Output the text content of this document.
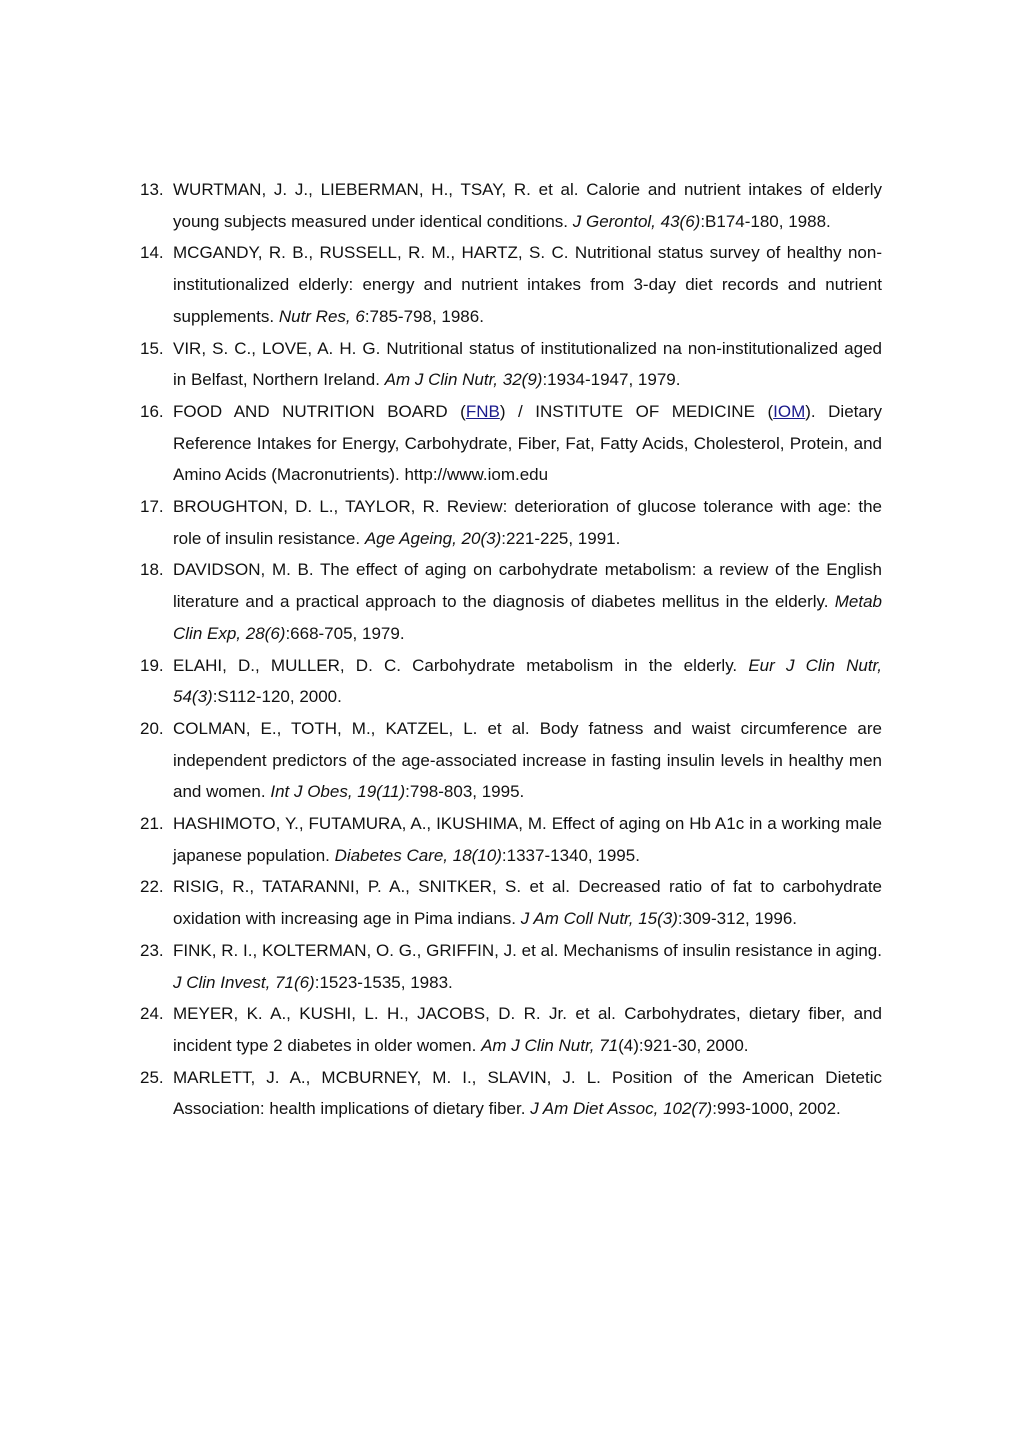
13. WURTMAN, J. J., LIEBERMAN, H., TSAY, R. et al. Calorie and nutrient intakes of elderly young subjects measured under identical conditions. J Gerontol, 43(6):B174-180, 1988.
14. MCGANDY, R. B., RUSSELL, R. M., HARTZ, S. C. Nutritional status survey of healthy non-institutionalized elderly: energy and nutrient intakes from 3-day diet records and nutrient supplements. Nutr Res, 6:785-798, 1986.
15. VIR, S. C., LOVE, A. H. G. Nutritional status of institutionalized na non-institutionalized aged in Belfast, Northern Ireland. Am J Clin Nutr, 32(9):1934-1947, 1979.
16. FOOD AND NUTRITION BOARD (FNB) / INSTITUTE OF MEDICINE (IOM). Dietary Reference Intakes for Energy, Carbohydrate, Fiber, Fat, Fatty Acids, Cholesterol, Protein, and Amino Acids (Macronutrients). http://www.iom.edu
17. BROUGHTON, D. L., TAYLOR, R. Review: deterioration of glucose tolerance with age: the role of insulin resistance. Age Ageing, 20(3):221-225, 1991.
18. DAVIDSON, M. B. The effect of aging on carbohydrate metabolism: a review of the English literature and a practical approach to the diagnosis of diabetes mellitus in the elderly. Metab Clin Exp, 28(6):668-705, 1979.
19. ELAHI, D., MULLER, D. C. Carbohydrate metabolism in the elderly. Eur J Clin Nutr, 54(3):S112-120, 2000.
20. COLMAN, E., TOTH, M., KATZEL, L. et al. Body fatness and waist circumference are independent predictors of the age-associated increase in fasting insulin levels in healthy men and women. Int J Obes, 19(11):798-803, 1995.
21. HASHIMOTO, Y., FUTAMURA, A., IKUSHIMA, M. Effect of aging on Hb A1c in a working male japanese population. Diabetes Care, 18(10):1337-1340, 1995.
22. RISIG, R., TATARANNI, P. A., SNITKER, S. et al. Decreased ratio of fat to carbohydrate oxidation with increasing age in Pima indians. J Am Coll Nutr, 15(3):309-312, 1996.
23. FINK, R. I., KOLTERMAN, O. G., GRIFFIN, J. et al. Mechanisms of insulin resistance in aging. J Clin Invest, 71(6):1523-1535, 1983.
24. MEYER, K. A., KUSHI, L. H., JACOBS, D. R. Jr. et al. Carbohydrates, dietary fiber, and incident type 2 diabetes in older women. Am J Clin Nutr, 71(4):921-30, 2000.
25. MARLETT, J. A., MCBURNEY, M. I., SLAVIN, J. L. Position of the American Dietetic Association: health implications of dietary fiber. J Am Diet Assoc, 102(7):993-1000, 2002.
